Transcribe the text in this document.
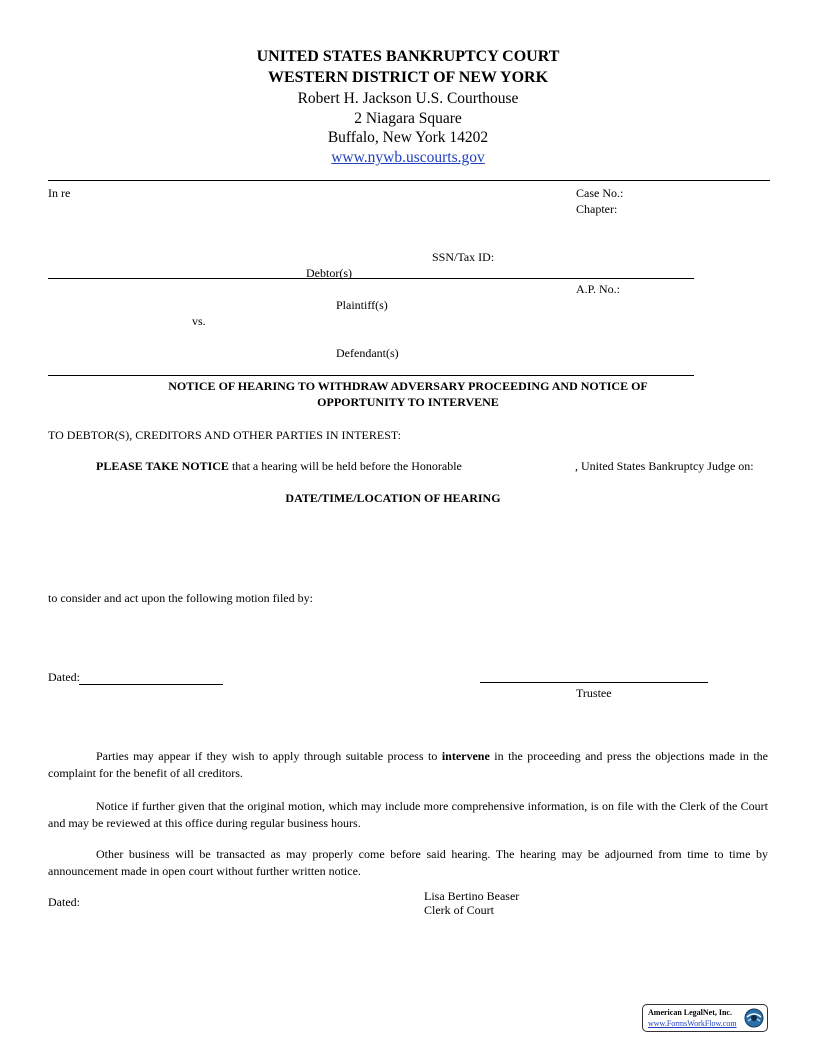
UNITED STATES BANKRUPTCY COURT
WESTERN DISTRICT OF NEW YORK
Robert H. Jackson U.S. Courthouse
2 Niagara Square
Buffalo, New York 14202
www.nywb.uscourts.gov
In re	Case No.:
Chapter:
SSN/Tax ID:
Debtor(s)
A.P. No.:
Plaintiff(s)
vs.
Defendant(s)
NOTICE OF HEARING TO WITHDRAW ADVERSARY PROCEEDING AND NOTICE OF
OPPORTUNITY TO INTERVENE
TO DEBTOR(S), CREDITORS AND OTHER PARTIES IN INTEREST:
PLEASE TAKE NOTICE that a hearing will be held before the Honorable	, United States Bankruptcy Judge on:
DATE/TIME/LOCATION OF HEARING
to consider and act upon the following motion filed by:
Dated:
Trustee
Parties may appear if they wish to apply through suitable process to intervene in the proceeding and press the objections made in the complaint for the benefit of all creditors.
Notice if further given that the original motion, which may include more comprehensive information, is on file with the Clerk of the Court and may be reviewed at this office during regular business hours.
Other business will be transacted as may properly come before said hearing. The hearing may be adjourned from time to time by announcement made in open court without further written notice.
Dated:	Lisa Bertino Beaser
Clerk of Court
American LegalNet, Inc.
www.FormsWorkFlow.com
